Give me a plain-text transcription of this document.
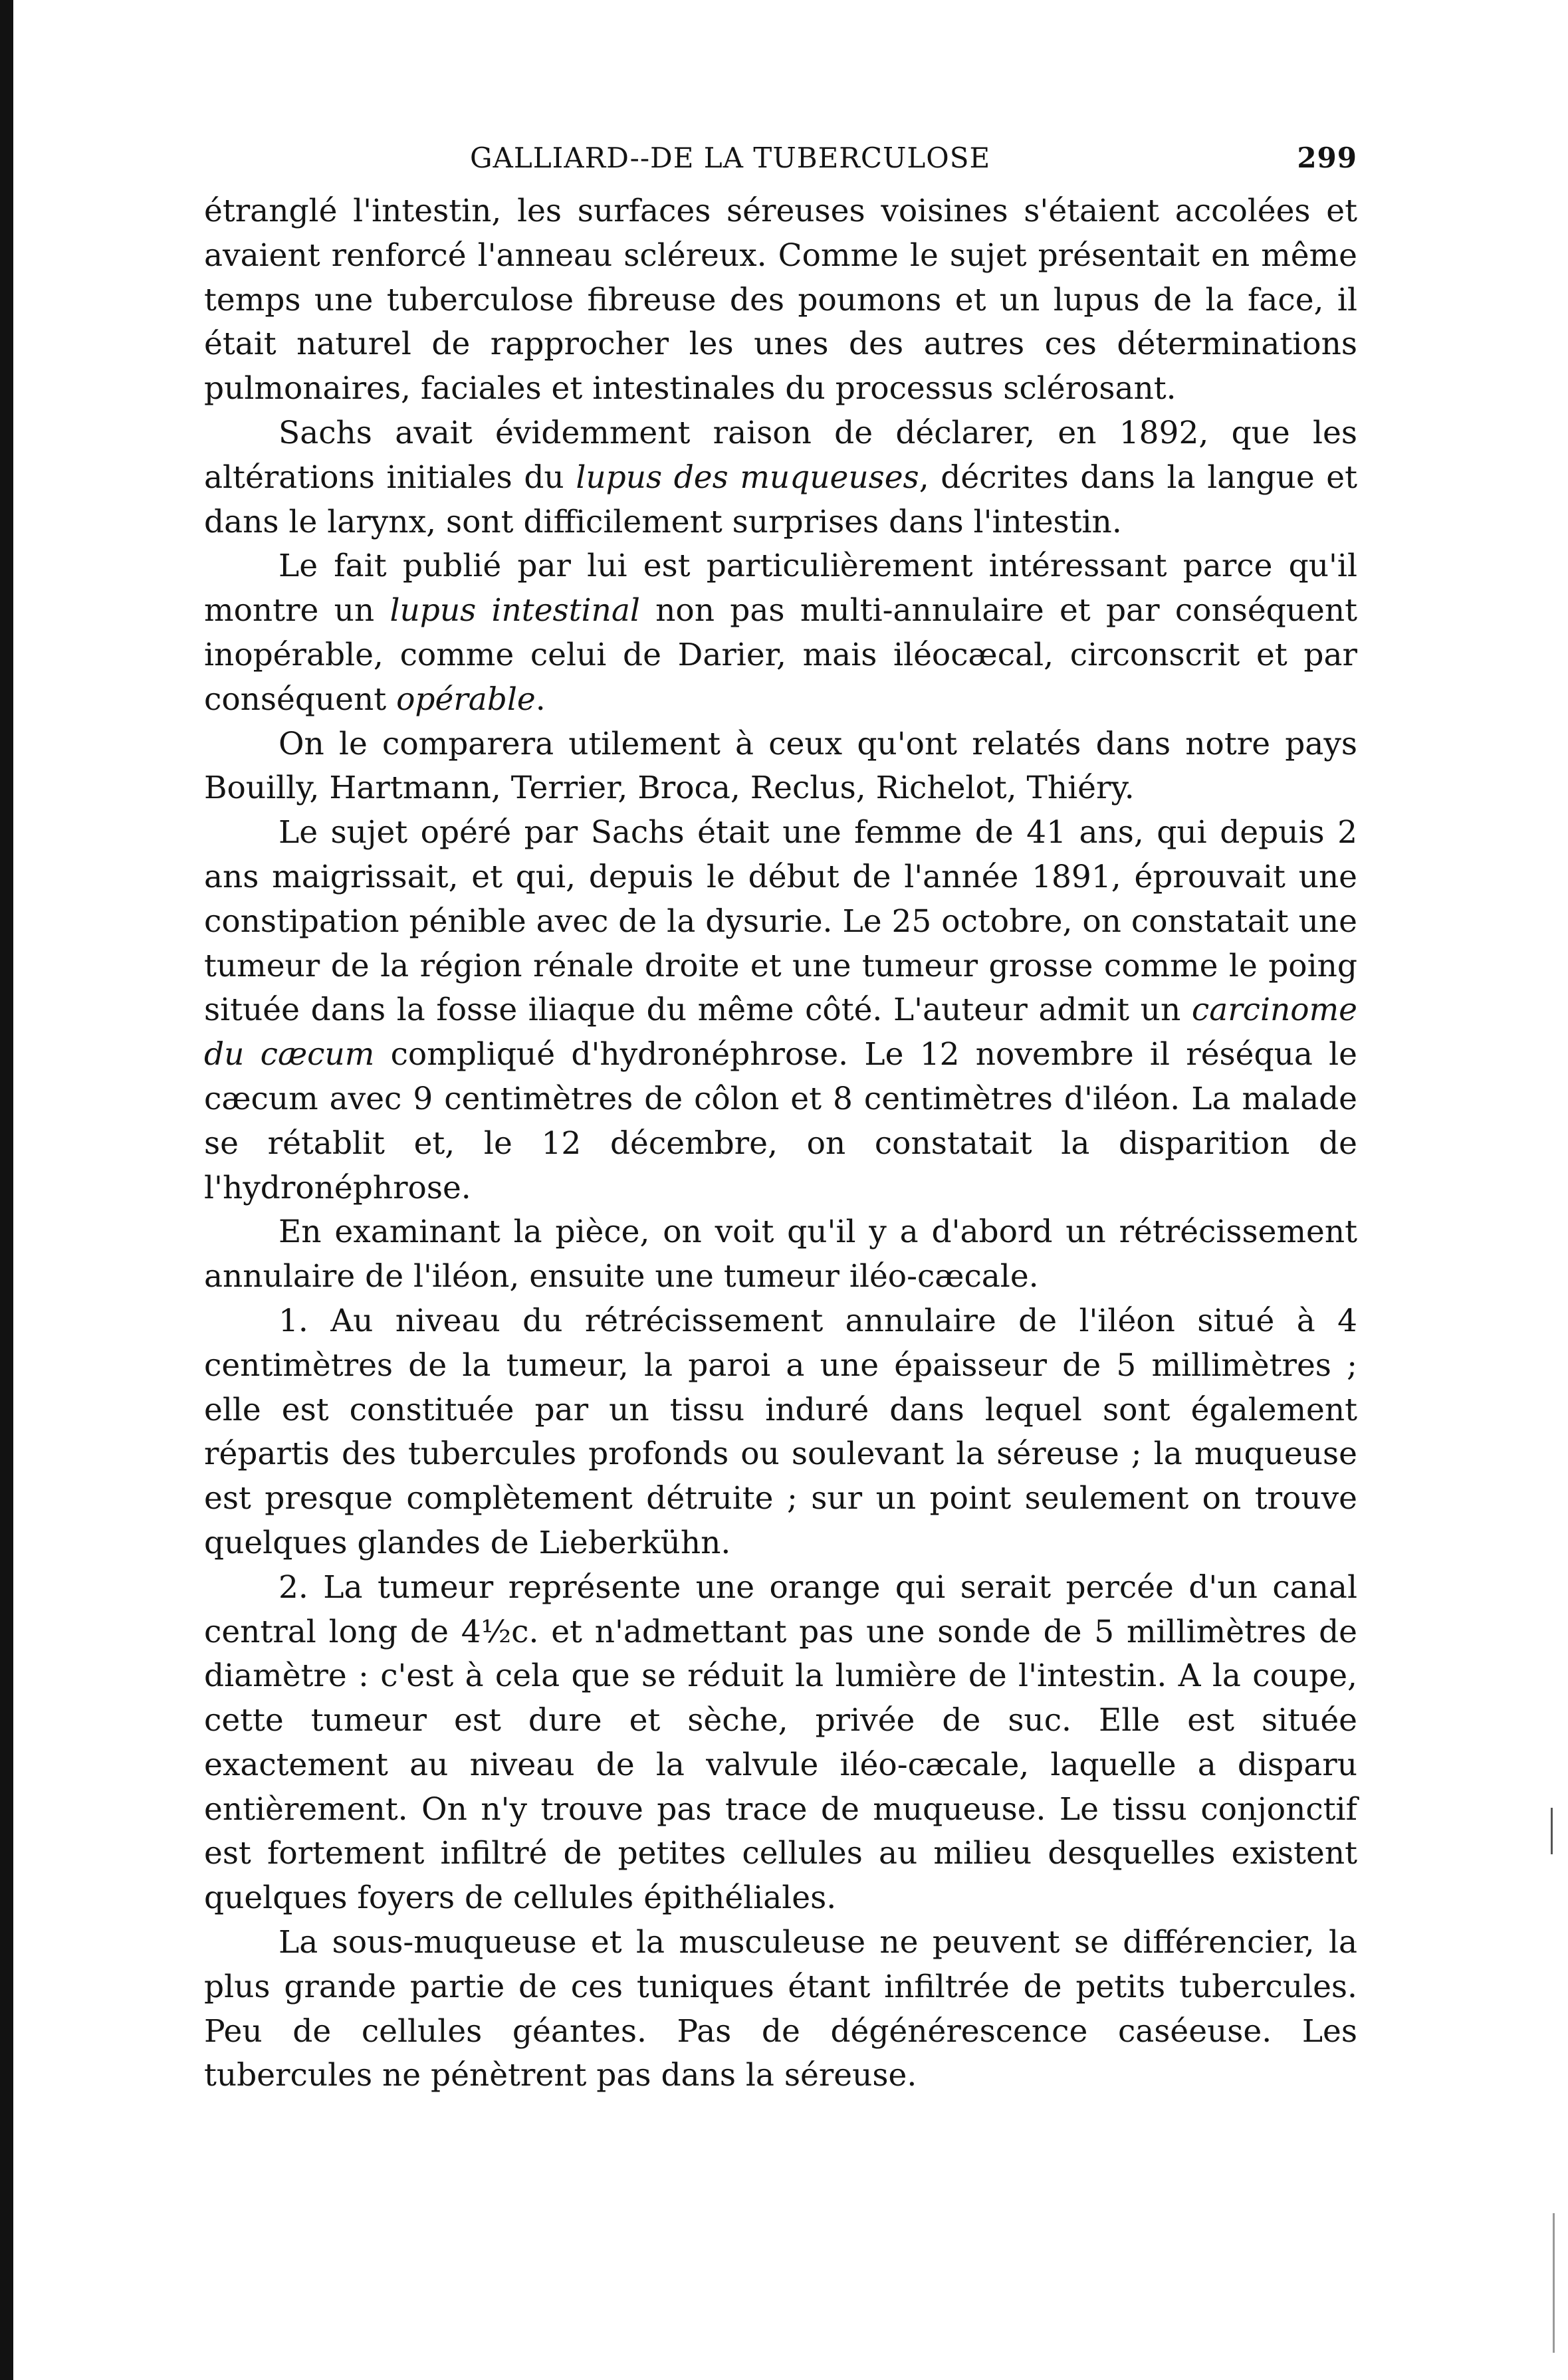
GALLIARD--DE LA TUBERCULOSE	299

étranglé l'intestin, les surfaces séreuses voisines s'étaient accolées et avaient renforcé l'anneau scléreux. Comme le sujet présentait en même temps une tuberculose fibreuse des poumons et un lupus de la face, il était naturel de rapprocher les unes des autres ces déterminations pulmonaires, faciales et intestinales du processus sclérosant.

Sachs avait évidemment raison de déclarer, en 1892, que les altérations initiales du lupus des muqueuses, décrites dans la langue et dans le larynx, sont difficilement surprises dans l'intestin.

Le fait publié par lui est particulièrement intéressant parce qu'il montre un lupus intestinal non pas multi-annulaire et par conséquent inopérable, comme celui de Darier, mais iléocæcal, circonscrit et par conséquent opérable.

On le comparera utilement à ceux qu'ont relatés dans notre pays Bouilly, Hartmann, Terrier, Broca, Reclus, Richelot, Thiéry.

Le sujet opéré par Sachs était une femme de 41 ans, qui depuis 2 ans maigrissait, et qui, depuis le début de l'année 1891, éprouvait une constipation pénible avec de la dysurie. Le 25 octobre, on constatait une tumeur de la région rénale droite et une tumeur grosse comme le poing située dans la fosse iliaque du même côté. L'auteur admit un carcinome du cæcum compliqué d'hydronéphrose. Le 12 novembre il réséqua le cæcum avec 9 centimètres de côlon et 8 centimètres d'iléon. La malade se rétablit et, le 12 décembre, on constatait la disparition de l'hydronéphrose.

En examinant la pièce, on voit qu'il y a d'abord un rétrécissement annulaire de l'iléon, ensuite une tumeur iléo-cæcale.

1. Au niveau du rétrécissement annulaire de l'iléon situé à 4 centimètres de la tumeur, la paroi a une épaisseur de 5 millimètres ; elle est constituée par un tissu induré dans lequel sont également répartis des tubercules profonds ou soulevant la séreuse ; la muqueuse est presque complètement détruite ; sur un point seulement on trouve quelques glandes de Lieberkühn.

2. La tumeur représente une orange qui serait percée d'un canal central long de 4½c. et n'admettant pas une sonde de 5 millimètres de diamètre : c'est à cela que se réduit la lumière de l'intestin. A la coupe, cette tumeur est dure et sèche, privée de suc. Elle est située exactement au niveau de la valvule iléo-cæcale, laquelle a disparu entièrement. On n'y trouve pas trace de muqueuse. Le tissu conjonctif est fortement infiltré de petites cellules au milieu desquelles existent quelques foyers de cellules épithéliales.

La sous-muqueuse et la musculeuse ne peuvent se différencier, la plus grande partie de ces tuniques étant infiltrée de petits tubercules. Peu de cellules géantes. Pas de dégénérescence caséeuse. Les tubercules ne pénètrent pas dans la séreuse.
